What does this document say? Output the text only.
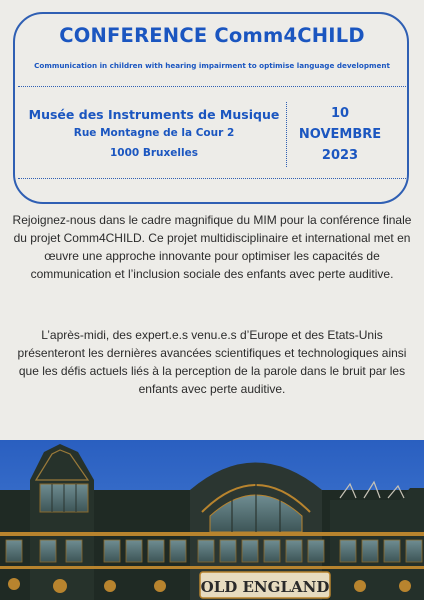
CONFERENCE Comm4CHILD
Communication in children with hearing impairment to optimise language development
Musée des Instruments de Musique
Rue Montagne de la Cour 2
1000 Bruxelles
10
NOVEMBRE
2023

Rejoignez-nous dans le cadre magnifique du MIM pour la conférence finale du projet Comm4CHILD. Ce projet multidisciplinaire et international met en œuvre une approche innovante pour optimiser les capacités de communication et l’inclusion sociale des enfants avec perte auditive.

L’après-midi, des expert.e.s venu.e.s d’Europe et des Etats-Unis présenteront les dernières avancées scientifiques et technologiques ainsi que les défis actuels liés à la perception de la parole dans le bruit par les enfants avec perte auditive.

OLD ENGLAND
